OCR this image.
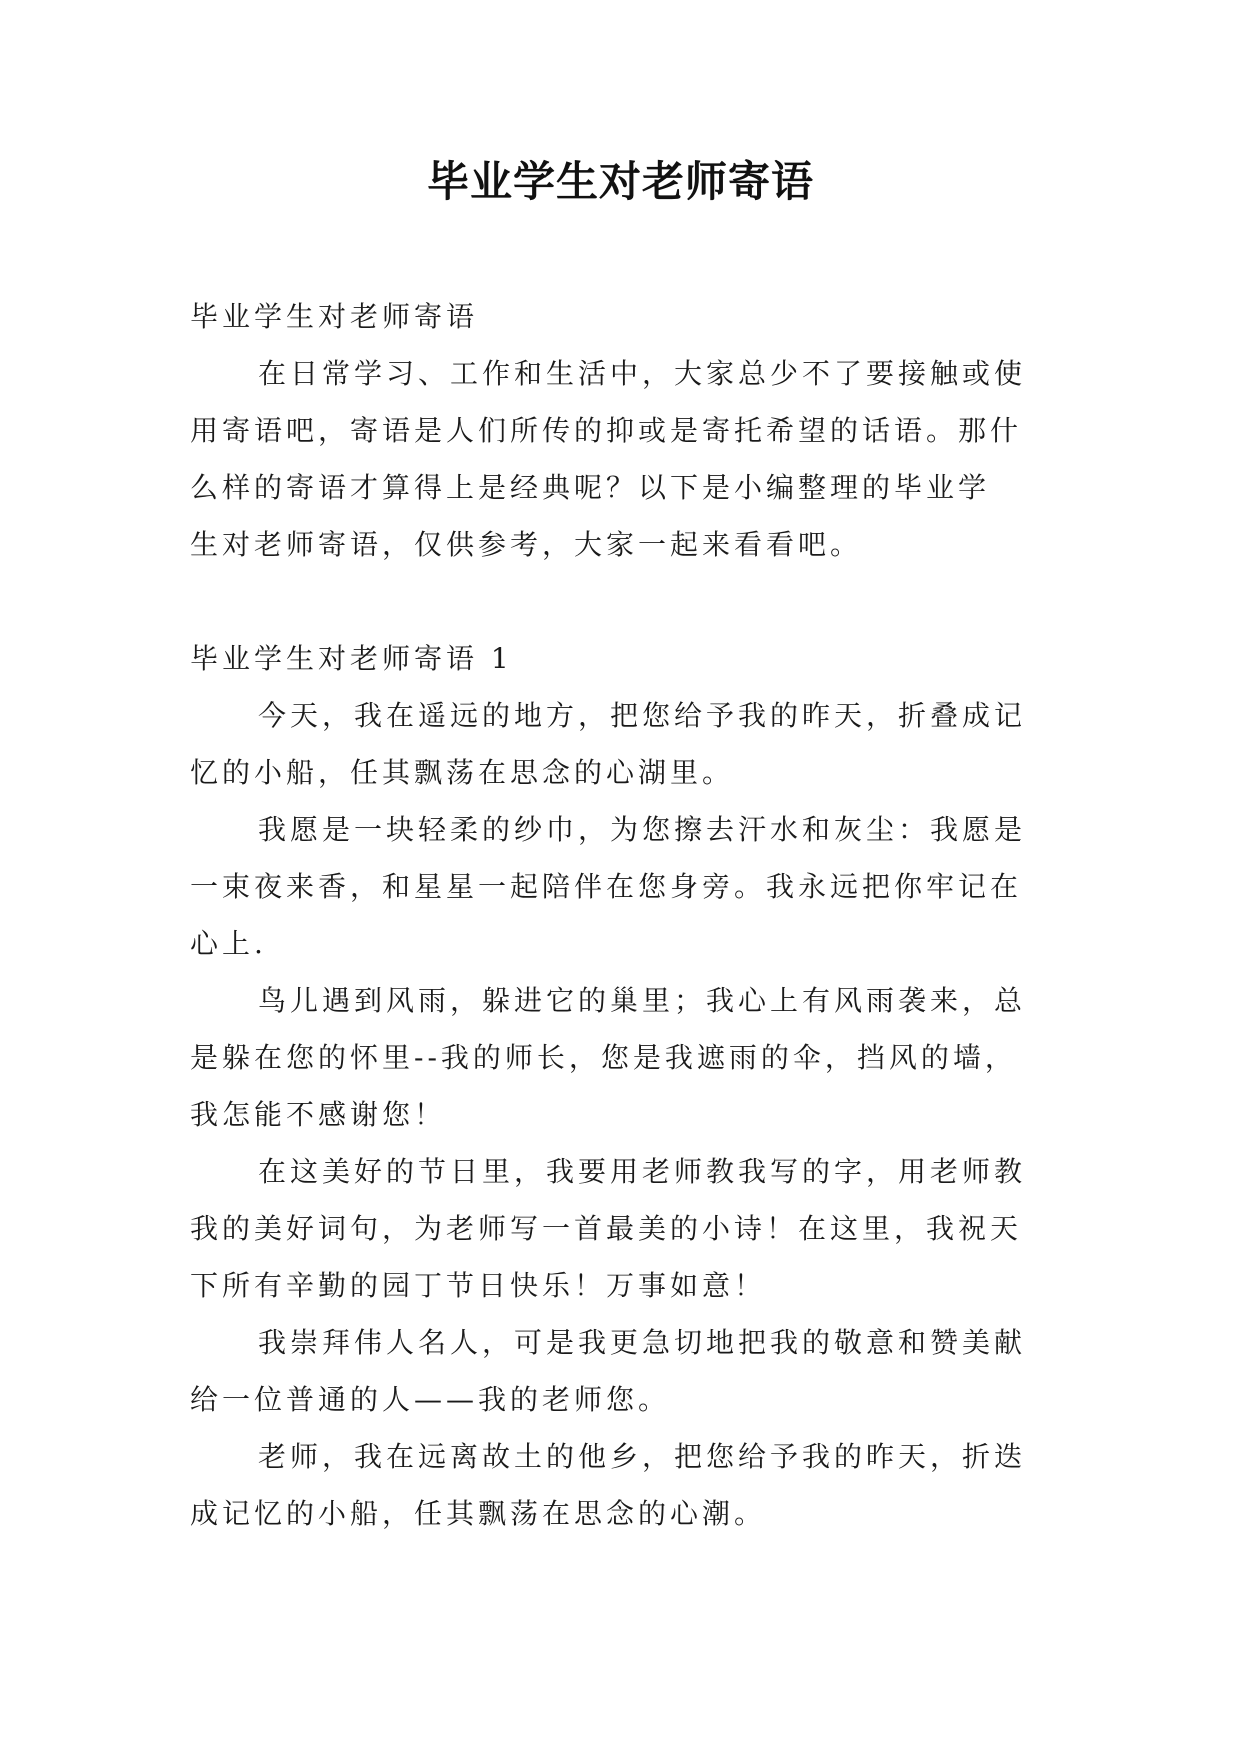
毕业学生对老师寄语
毕业学生对老师寄语
在日常学习、工作和生活中，大家总少不了要接触或使
用寄语吧，寄语是人们所传的抑或是寄托希望的话语。那什
么样的寄语才算得上是经典呢？以下是小编整理的毕业学
生对老师寄语，仅供参考，大家一起来看看吧。
毕业学生对老师寄语 1
今天，我在遥远的地方，把您给予我的昨天，折叠成记
忆的小船，任其飘荡在思念的心湖里。
我愿是一块轻柔的纱巾，为您擦去汗水和灰尘：我愿是
一束夜来香，和星星一起陪伴在您身旁。我永远把你牢记在
心上.
鸟儿遇到风雨，躲进它的巢里；我心上有风雨袭来，总
是躲在您的怀里--我的师长，您是我遮雨的伞，挡风的墙，
我怎能不感谢您！
在这美好的节日里，我要用老师教我写的字，用老师教
我的美好词句，为老师写一首最美的小诗！在这里，我祝天
下所有辛勤的园丁节日快乐！万事如意！
我崇拜伟人名人，可是我更急切地把我的敬意和赞美献
给一位普通的人——我的老师您。
老师，我在远离故土的他乡，把您给予我的昨天，折迭
成记忆的小船，任其飘荡在思念的心潮。
